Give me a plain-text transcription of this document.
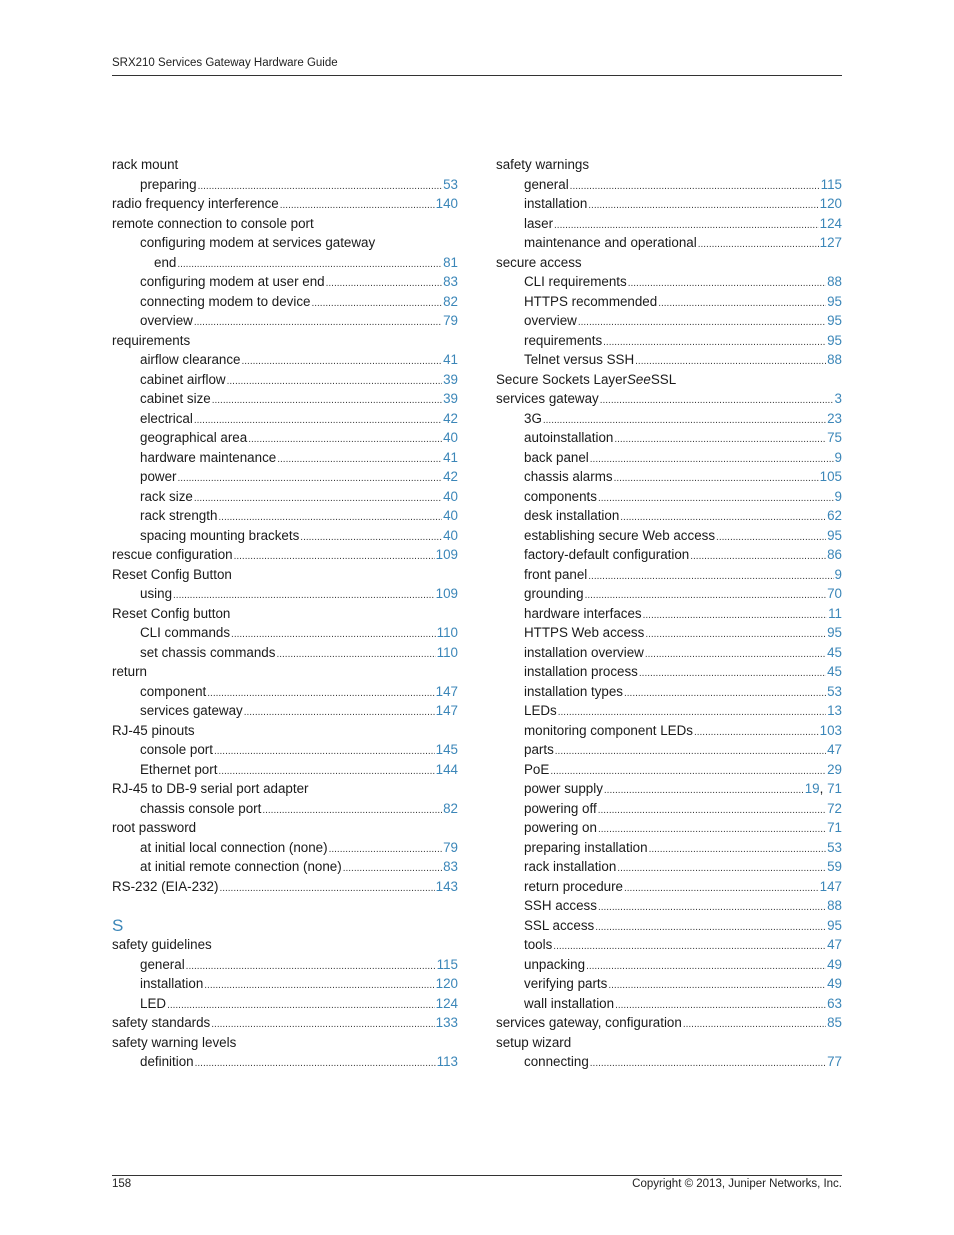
SRX210 Services Gateway Hardware Guide
rack mount
preparing .....	53
radio frequency interference .....	140
remote connection to console port
configuring modem at services gateway
end .....	81
configuring modem at user end .....	83
connecting modem to device .....	82
overview .....	79
requirements
airflow clearance .....	41
cabinet airflow .....	39
cabinet size .....	39
electrical .....	42
geographical area .....	40
hardware maintenance .....	41
power .....	42
rack size .....	40
rack strength .....	40
spacing mounting brackets .....	40
rescue configuration .....	109
Reset Config Button
using .....	109
Reset Config button
CLI commands .....	110
set chassis commands .....	110
return
component .....	147
services gateway .....	147
RJ-45 pinouts
console port .....	145
Ethernet port .....	144
RJ-45 to DB-9 serial port adapter
chassis console port .....	82
root password
at initial local connection (none) .....	79
at initial remote connection (none) .....	83
RS-232 (EIA-232) .....	143
S
safety guidelines
general .....	115
installation .....	120
LED .....	124
safety standards .....	133
safety warning levels
definition .....	113
safety warnings
general .....	115
installation .....	120
laser .....	124
maintenance and operational .....	127
secure access
CLI requirements .....	88
HTTPS recommended .....	95
overview .....	95
requirements .....	95
Telnet versus SSH .....	88
Secure Sockets Layer See SSL
services gateway .....	3
3G .....	23
autoinstallation .....	75
back panel .....	9
chassis alarms .....	105
components .....	9
desk installation .....	62
establishing secure Web access .....	95
factory-default configuration .....	86
front panel .....	9
grounding .....	70
hardware interfaces .....	11
HTTPS Web access .....	95
installation overview .....	45
installation process .....	45
installation types .....	53
LEDs .....	13
monitoring component LEDs .....	103
parts .....	47
PoE .....	29
power supply .....	19, 71
powering off .....	72
powering on .....	71
preparing installation .....	53
rack installation .....	59
return procedure .....	147
SSH access .....	88
SSL access .....	95
tools .....	47
unpacking .....	49
verifying parts .....	49
wall installation .....	63
services gateway, configuration .....	85
setup wizard
connecting .....	77
158	Copyright © 2013, Juniper Networks, Inc.
